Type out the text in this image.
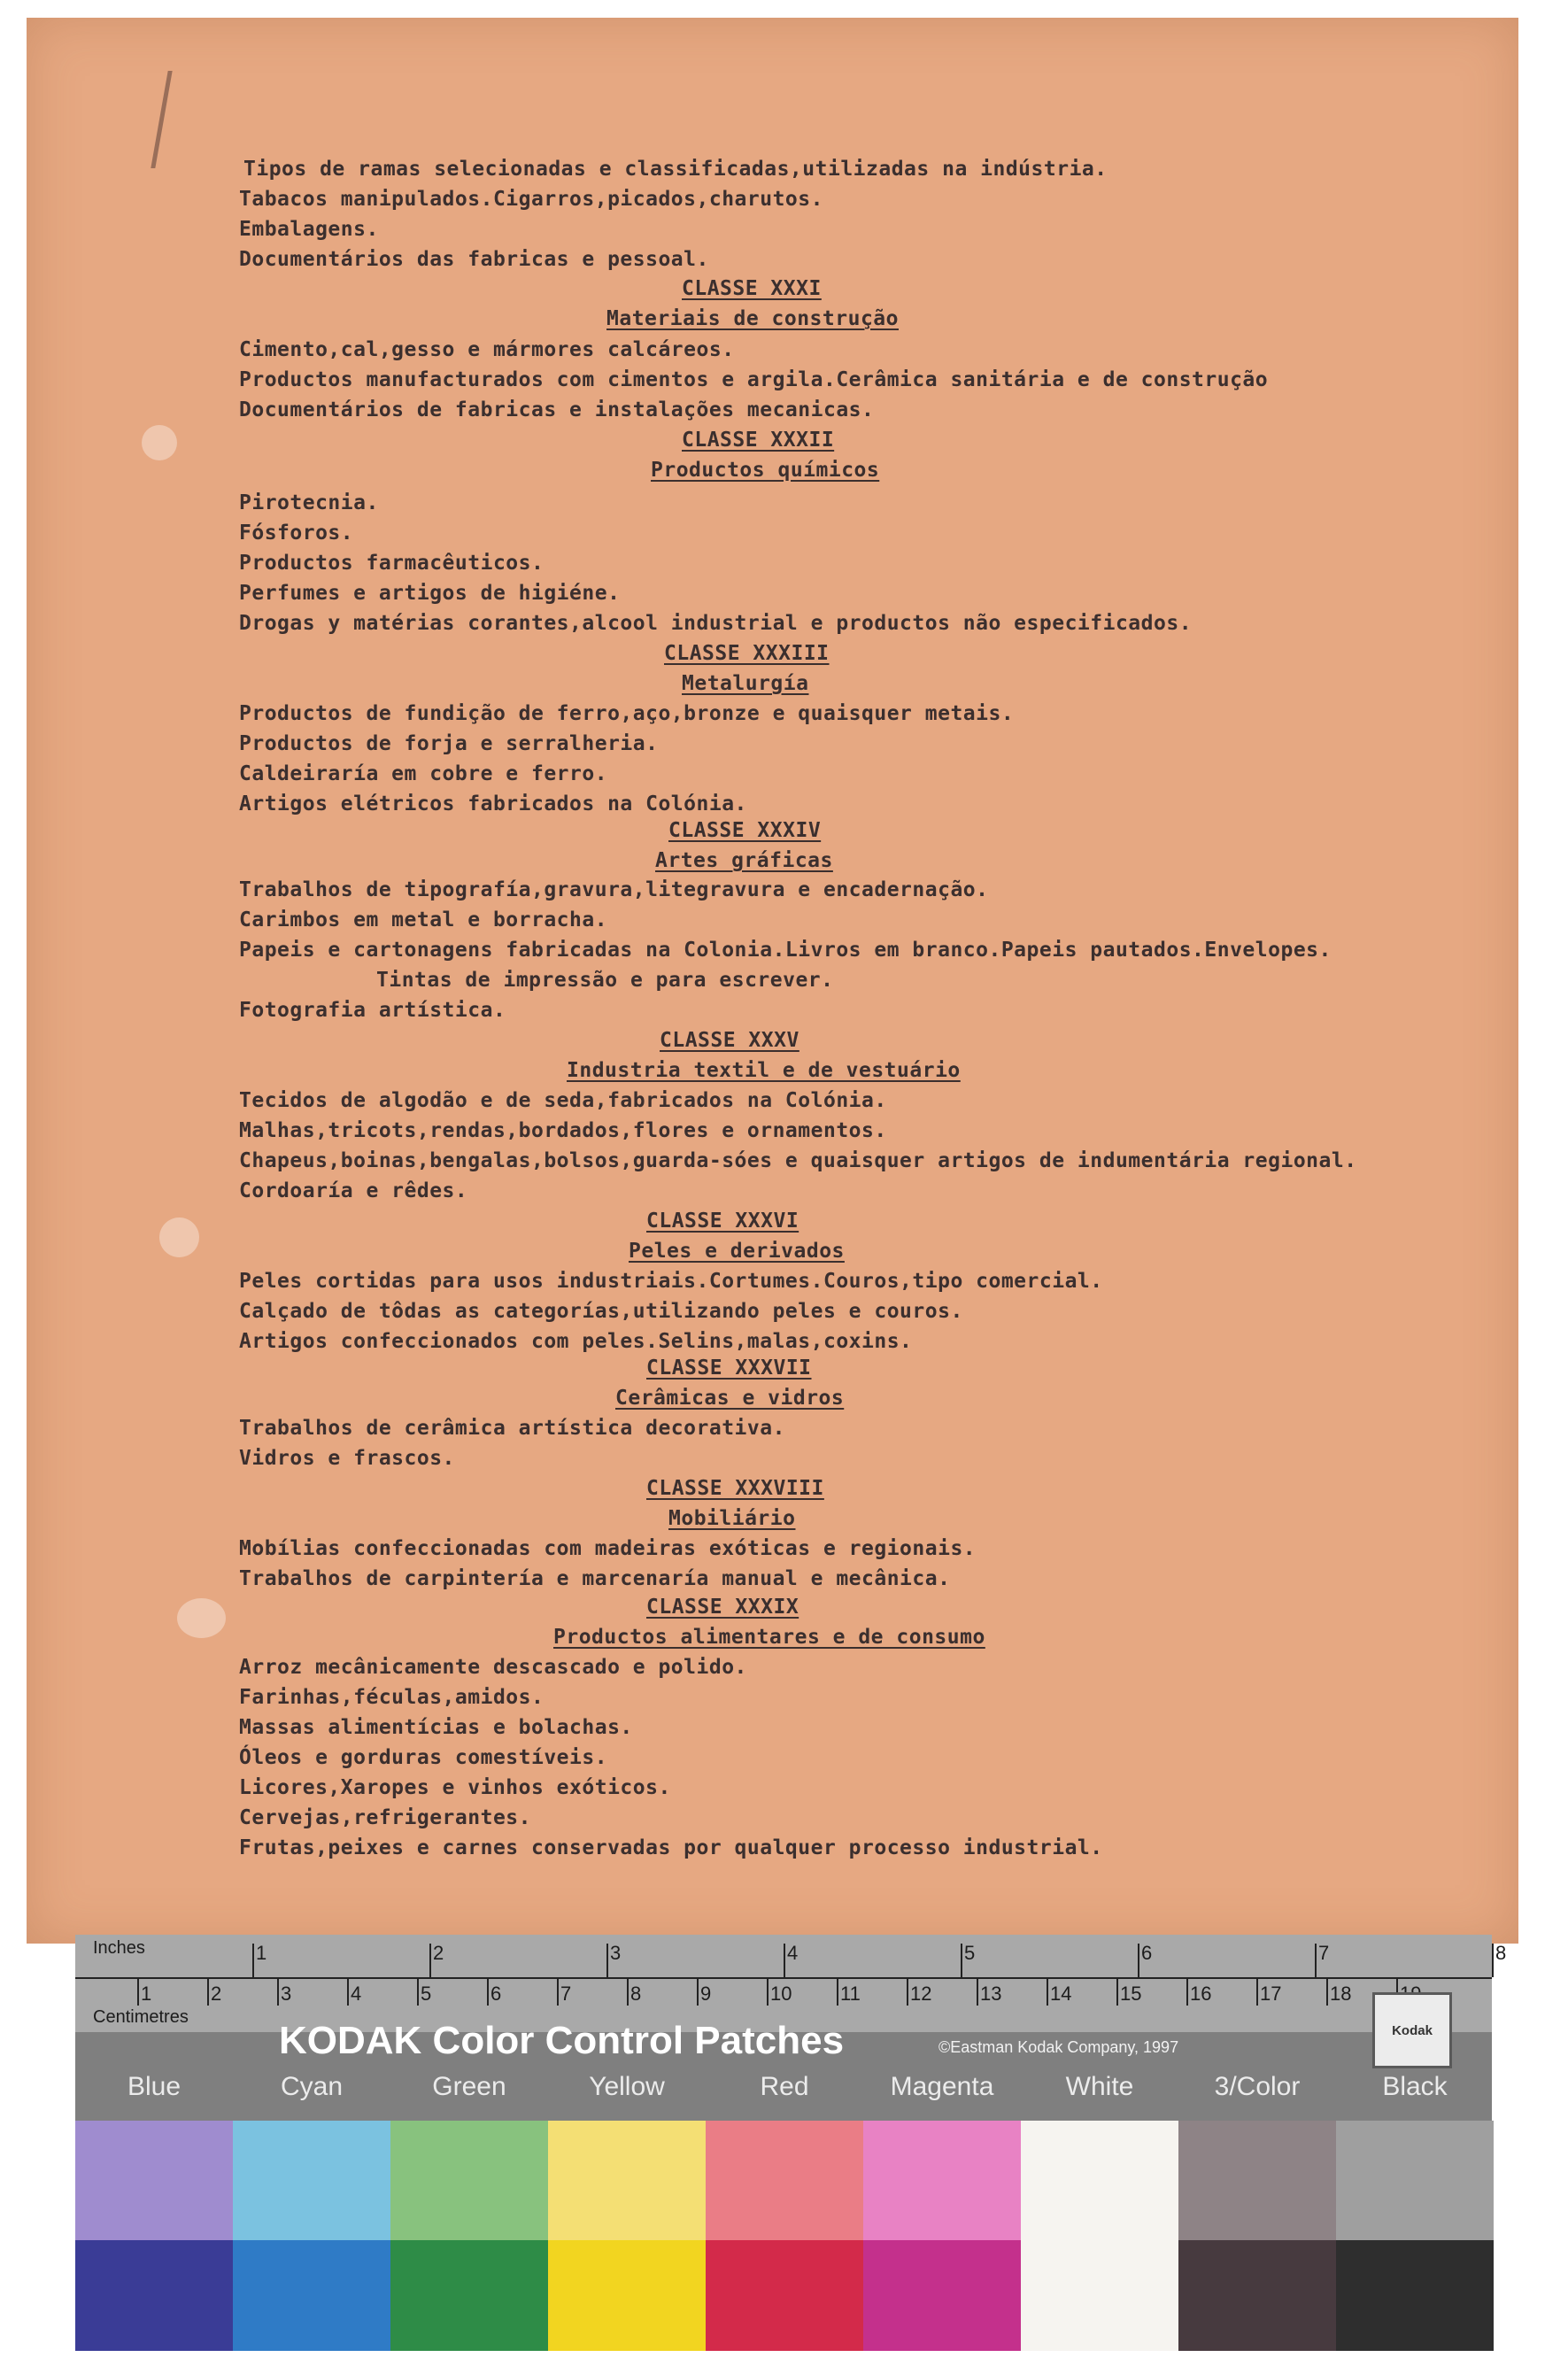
Tipos de ramas selecionadas e classificadas,utilizadas na indústria.
Tabacos manipulados.Cigarros,picados,charutos.
Embalagens.
Documentários das fabricas e pessoal.
CLASSE XXXI
Materiais de construção
Cimento,cal,gesso e mármores calcáreos.
Productos manufacturados com cimentos e argila.Cerâmica sanitária e de construção
Documentários de fabricas e instalações mecanicas.
CLASSE XXXII
Productos químicos
Pirotecnia.
Fósforos.
Productos farmacêuticos.
Perfumes e artigos de higiéne.
Drogas y matérias corantes,alcool industrial e productos não especificados.
CLASSE XXXIII
Metalurgía
Productos de fundição de ferro,aço,bronze e quaisquer metais.
Productos de forja e serralheria.
Caldeiraría em cobre e ferro.
Artigos elétricos fabricados na Colónia.
CLASSE XXXIV
Artes gráficas
Trabalhos de tipografía,gravura,litegravura e encadernação.
Carimbos em metal e borracha.
Papeis e cartonagens fabricadas na Colonia.Livros em branco.Papeis pautados.Envelopes.
Tintas de impressão e para escrever.
Fotografia artística.
CLASSE XXXV
Industria textil e de vestuário
Tecidos de algodão e de seda,fabricados na Colónia.
Malhas,tricots,rendas,bordados,flores e ornamentos.
Chapeus,boinas,bengalas,bolsos,guarda-sóes e quaisquer artigos de indumentária regional.
Cordoaría e rêdes.
CLASSE XXXVI
Peles e derivados
Peles cortidas para usos industriais.Cortumes.Couros,tipo comercial.
Calçado de tôdas as categorías,utilizando peles e couros.
Artigos confeccionados com peles.Selins,malas,coxins.
CLASSE XXXVII
Cerâmicas e vidros
Trabalhos de cerâmica artística decorativa.
Vidros e frascos.
CLASSE XXXVIII
Mobiliário
Mobílias confeccionadas com madeiras exóticas e regionais.
Trabalhos de carpintería e marcenaría manual e mecânica.
CLASSE XXXIX
Productos alimentares e de consumo
Arroz mecânicamente descascado e polido.
Farinhas,féculas,amidos.
Massas alimentícias e bolachas.
Óleos e gorduras comestíveis.
Licores,Xaropes e vinhos exóticos.
Cervejas,refrigerantes.
Frutas,peixes e carnes conservadas por qualquer processo industrial.
Inches
Centimetres
1	2	3	4	5	6	7	8
1	2	3	4	5	6	7	8	9	10 11	12 13 14 15 16 17 18
KODAK Color Control Patches	©Eastman Kodak Company, 1997
Kodak
Blue	Cyan	Green	Yellow	Red	Magenta	White	3/Color	Black
